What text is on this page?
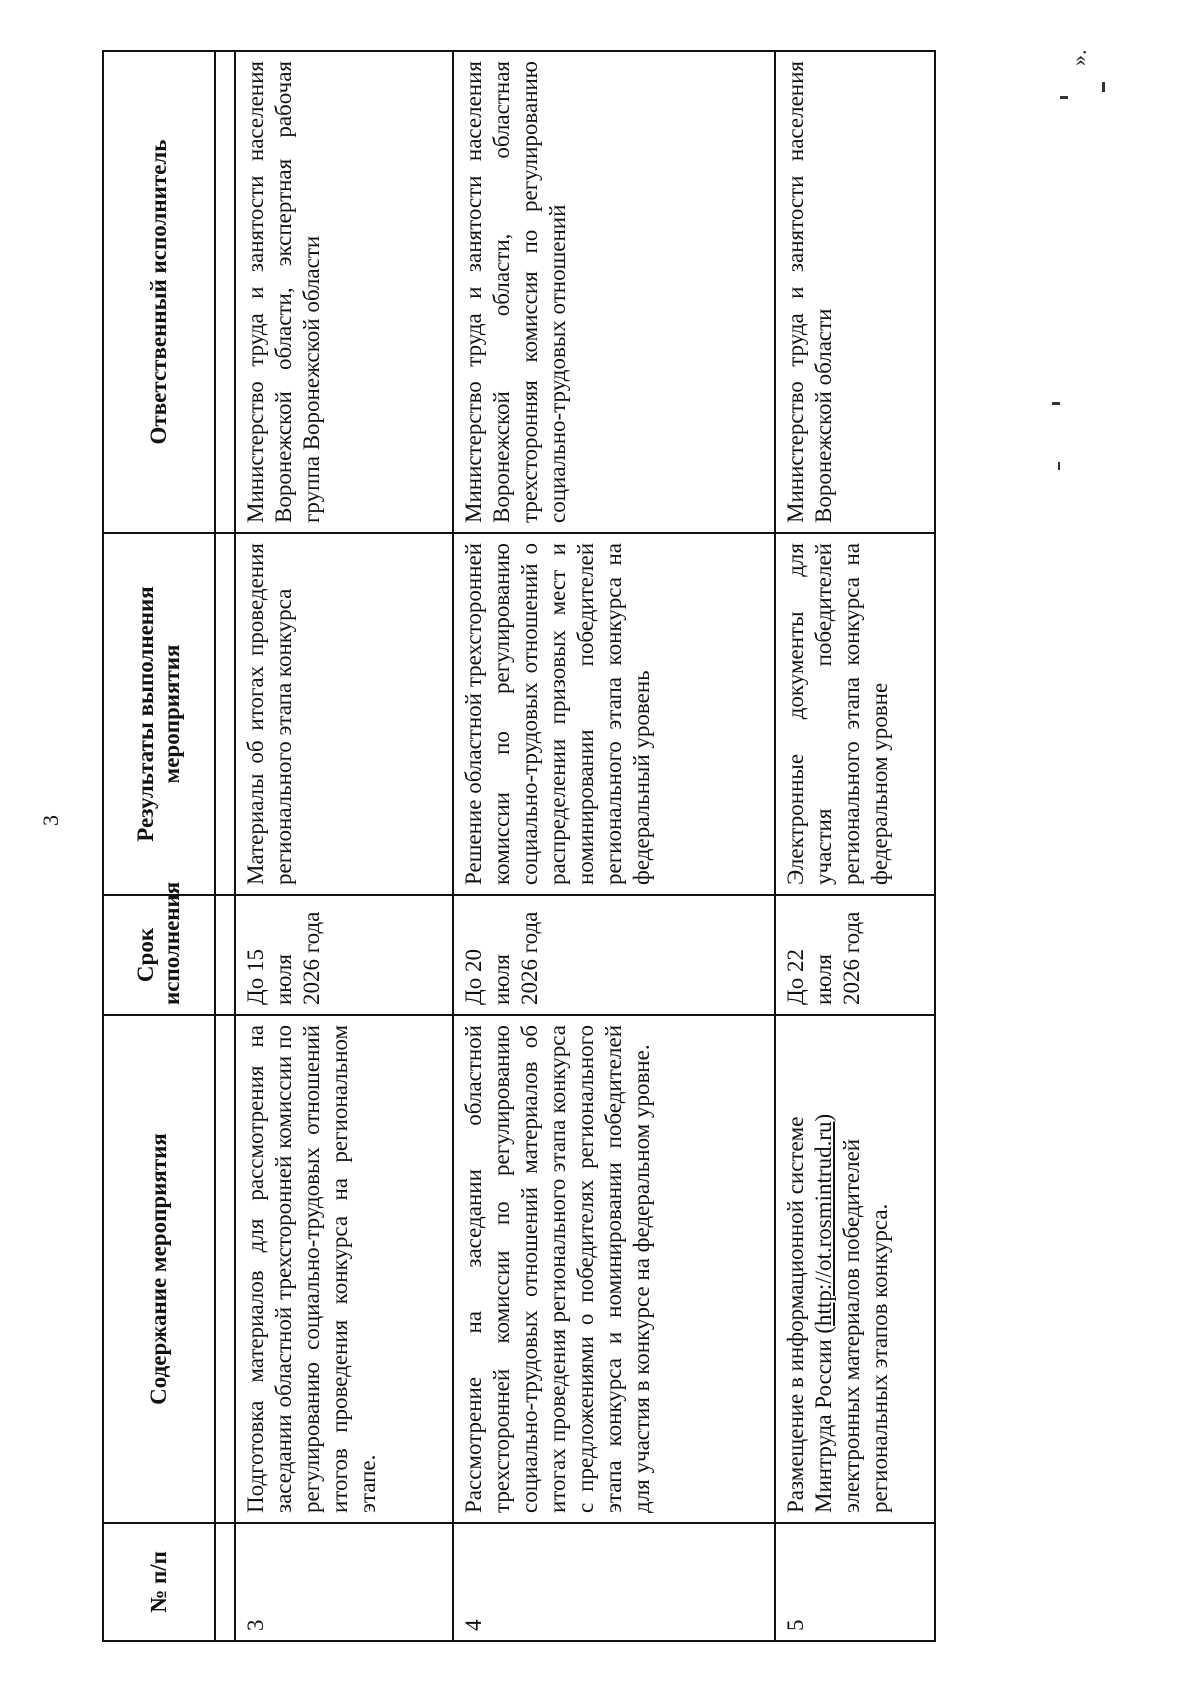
3
№ п/п	Содержание мероприятия	Срок исполнения	Результаты выполнения мероприятия	Ответственный исполнитель

3	Подготовка материалов для рассмотрения на заседании областной трехсторонней комиссии по регулированию социально-трудовых отношений итогов проведения конкурса на региональном этапе.	До 15 июля 2026 года	Материалы об итогах проведения регионального этапа конкурса	Министерство труда и занятости населения Воронежской области, экспертная рабочая группа Воронежской области
4	Рассмотрение на заседании областной трехсторонней комиссии по регулированию социально-трудовых отношений материалов об итогах проведения регионального этапа конкурса с предложениями о победителях регионального этапа конкурса и номинировании победителей для участия в конкурсе на федеральном уровне.	До 20 июля 2026 года	Решение областной трехсторонней комиссии по регулированию социально-трудовых отношений о распределении призовых мест и номинировании победителей регионального этапа конкурса на федеральный уровень	Министерство труда и занятости населения Воронежской области, областная трехсторонняя комиссия по регулированию социально-трудовых отношений
5	Размещение в информационной системе Минтруда России (http://ot.rosmintrud.ru) электронных материалов победителей региональных этапов конкурса.	До 22 июля 2026 года	Электронные документы для участия победителей регионального этапа конкурса на федеральном уровне	Министерство труда и занятости населения Воронежской области
».
